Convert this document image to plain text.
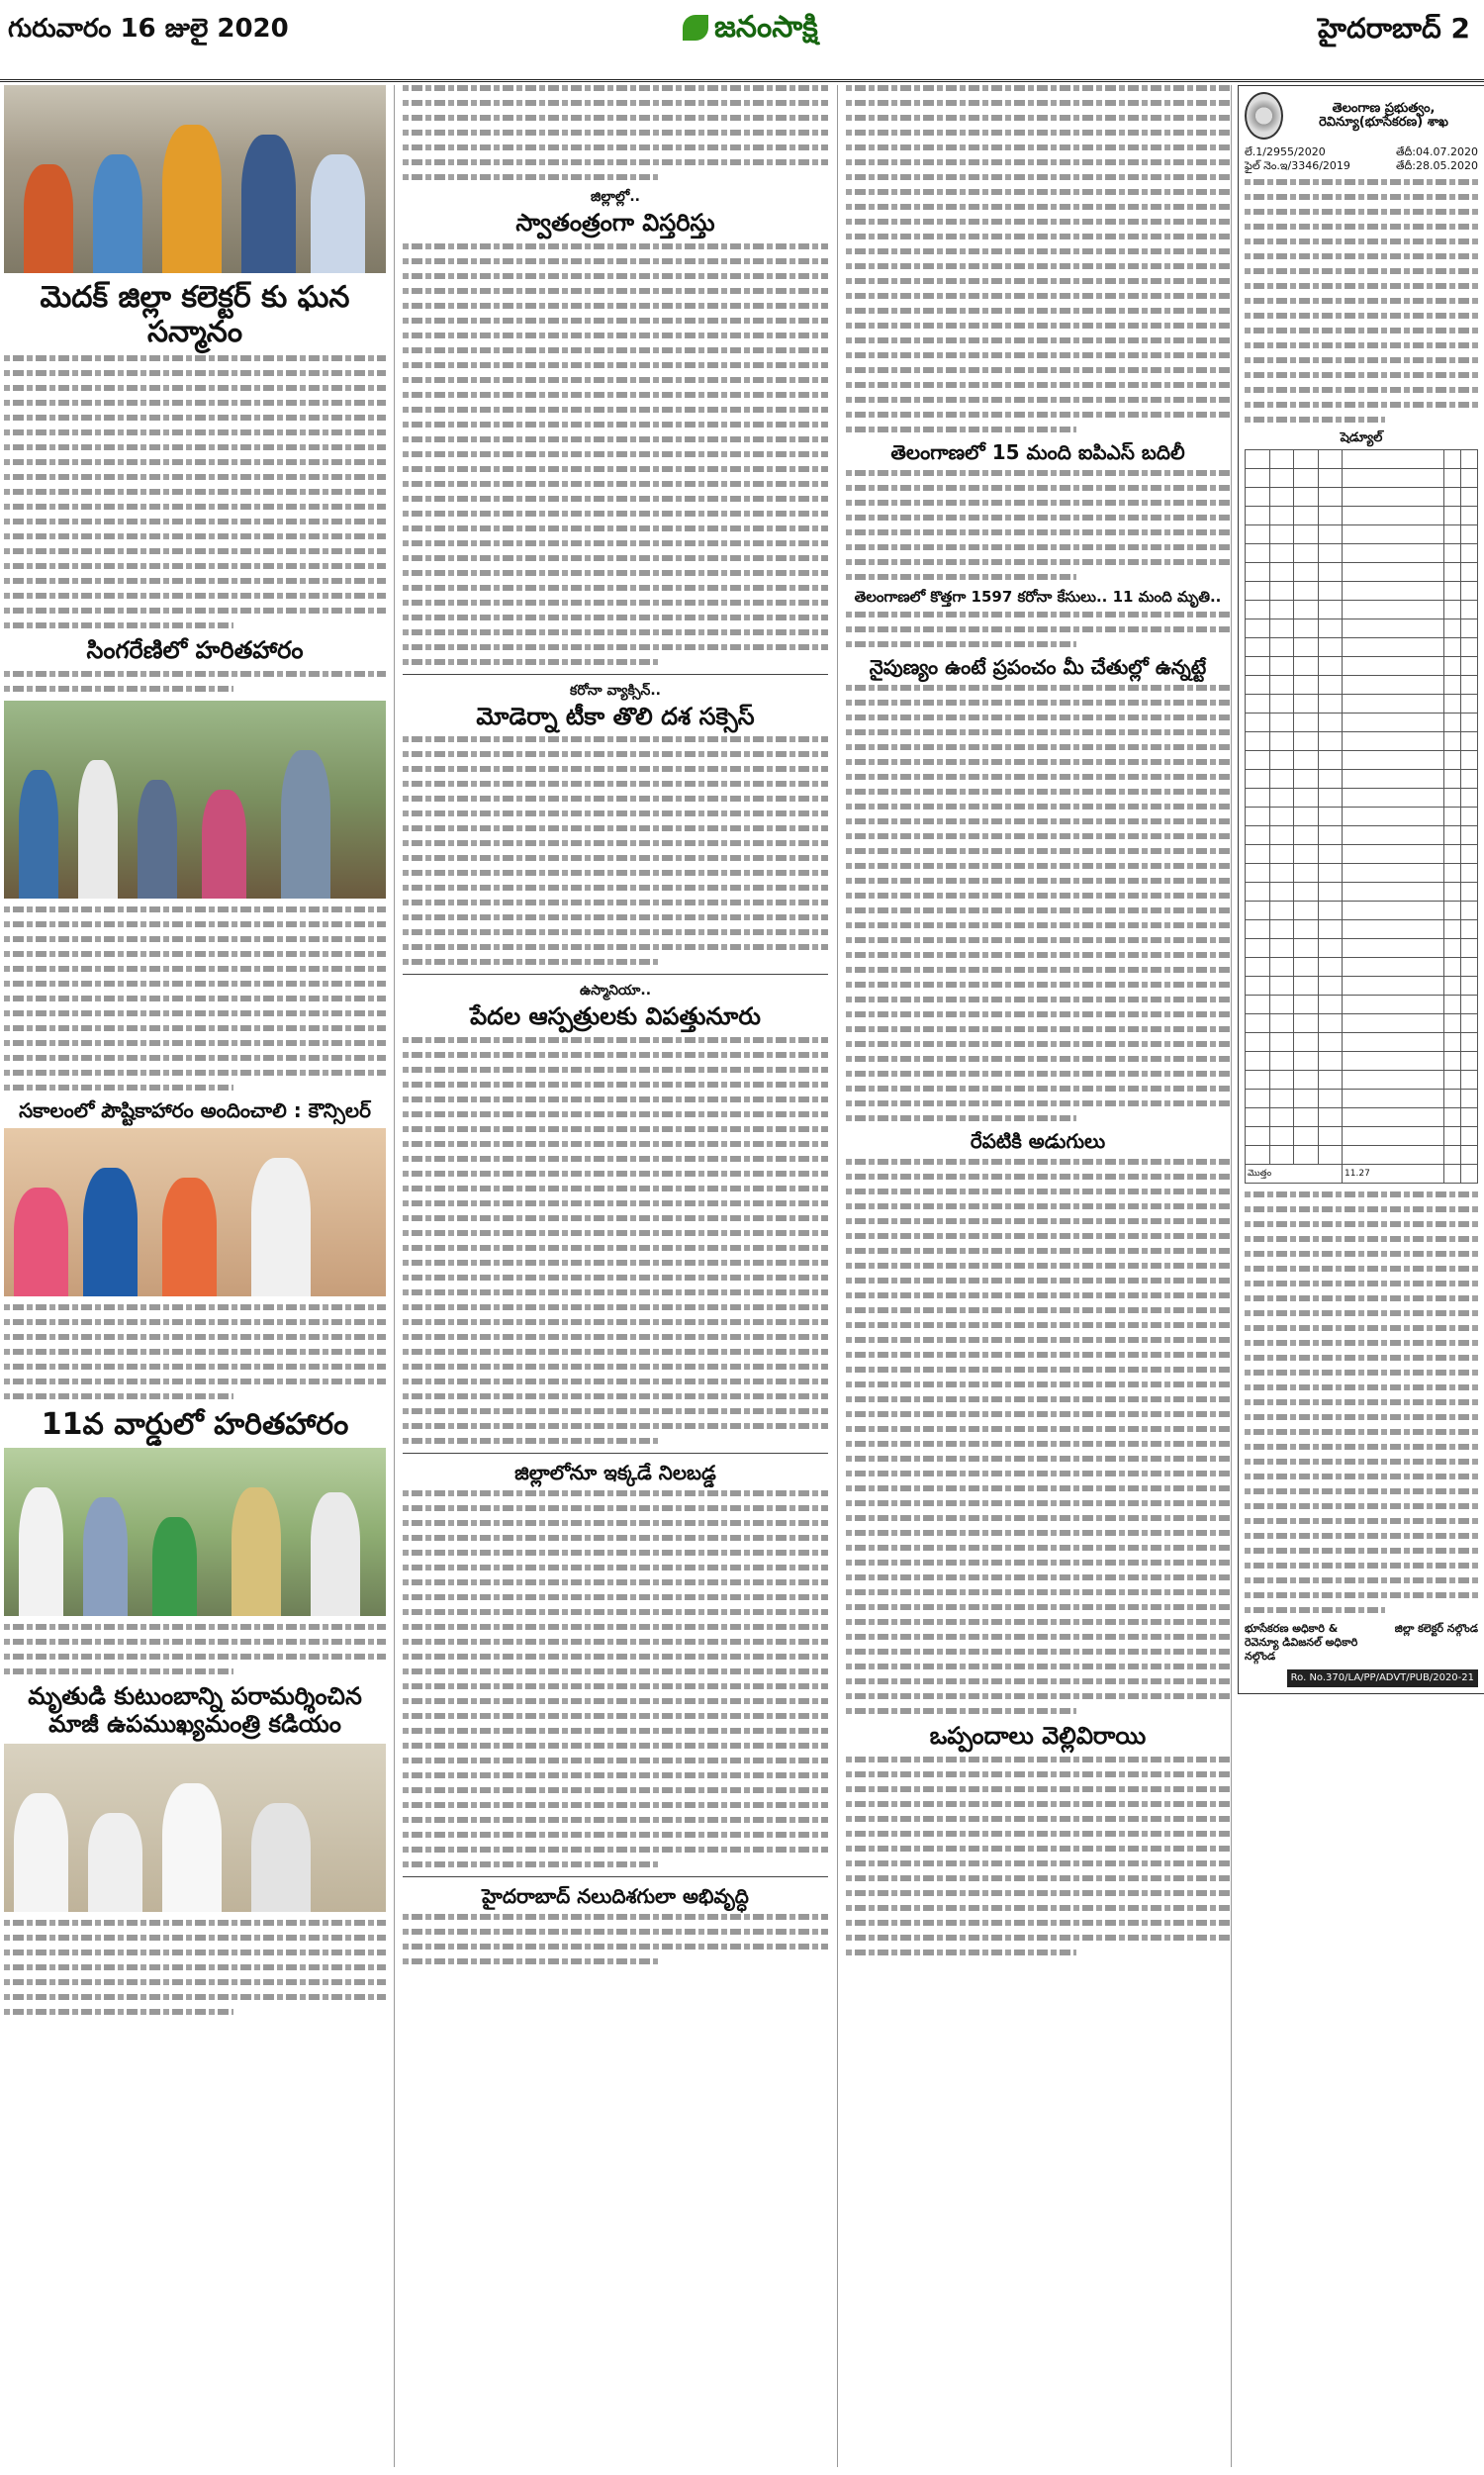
గురువారం 16 జులై 2020	జనంసాక్షి	హైదరాబాద్ 2
మెదక్ జిల్లా కలెక్టర్ కు ఘన సన్మానం
సింగరేణిలో హరితహారం
సకాలంలో పౌష్టికాహారం అందించాలి : కౌన్సిలర్
11వ వార్డులో హరితహారం
మృతుడి కుటుంబాన్ని పరామర్శించిన మాజీ ఉపముఖ్యమంత్రి కడియం
జిల్లాల్లో..
స్వాతంత్రంగా విస్తరిస్తు
కరోనా వ్యాక్సిన్..
మోడెర్నా టీకా తొలి దశ సక్సెస్
ఉస్మానియా..
పేదల ఆస్పత్రులకు విపత్తునూరు
జిల్లాలోనూ ఇక్కడే నిలబడ్డ
హైదరాబాద్ నలుదిశగులా అభివృద్ధి
తెలంగాణలో 15 మంది ఐపిఎస్ బదిలీ
తెలంగాణలో కొత్తగా 1597 కరోనా కేసులు.. 11 మంది మృతి..
నైపుణ్యం ఉంటే ప్రపంచం మీ చేతుల్లో ఉన్నట్టే
రేపటికి అడుగులు
ఒప్పందాలు వెల్లివిరాయి
తెలంగాణ ప్రభుత్వం, రెవిన్యూ(భూసేకరణ) శాఖ
లే.1/2955/2020	తేదీ:04.07.2020
ఫైల్ నెం.ఇ/3346/2019	తేదీ:28.05.2020
షెడ్యూల్

మొత్తం				11.27		
భూసేకరణ అధికారి & రెవెన్యూ డివిజనల్ అధికారి నల్గొండ
జిల్లా కలెక్టర్ నల్గొండ
Ro. No.370/LA/PP/ADVT/PUB/2020-21
